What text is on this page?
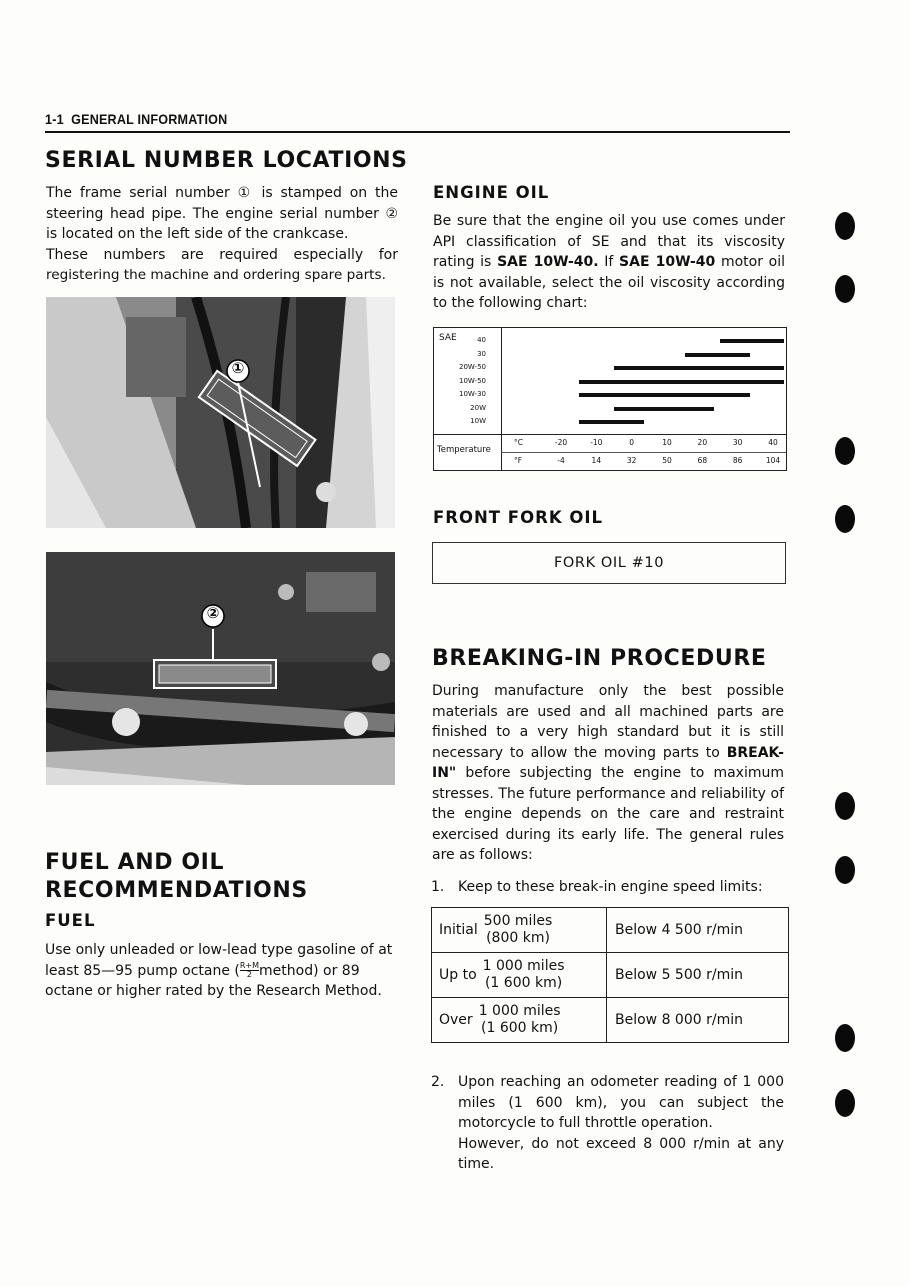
1-1 GENERAL INFORMATION
SERIAL NUMBER LOCATIONS
The frame serial number ① is stamped on the
steering head pipe. The engine serial number ②
is located on the left side of the crankcase.
These numbers are required especially for
registering the machine and ordering spare parts.
①
②
FUEL AND OIL
RECOMMENDATIONS
FUEL
Use only unleaded or low-lead type gasoline of at
least 85—95 pump octane ( $\frac{R+M}{2}$ method) or 89
octane or higher rated by the Research Method.
ENGINE OIL

Be sure that the engine oil you use comes under API classification of SE and that its viscosity rating is SAE 10W-40. If SAE 10W-40 motor oil is not available, select the oil viscosity according to the following chart:

SAE
Temperature
°C
°F
40
30
20W-50
10W-50
10W-30
20W
10W
-20
-4
-10
14
0
32
10
50
20
68
30
86
40
104
FRONT FORK OIL
FORK OIL #10
BREAKING-IN PROCEDURE

During manufacture only the best possible materials are used and all machined parts are finished to a very high standard but it is still necessary to allow the moving parts to BREAK-IN" before subjecting the engine to maximum stresses. The future performance and reliability of the engine depends on the care and restraint exercised during its early life. The general rules are as follows:

1. Keep to these break-in engine speed limits:
Initial
500 miles
(800 km)	Below 4 500 r/min

Up to
1 000 miles
(1 600 km)	Below 5 500 r/min

Over
1 000 miles
(1 600 km)	Below 8 000 r/min
2. Upon reaching an odometer reading of 1 000 miles (1 600 km), you can subject the motorcycle to full throttle operation.
However, do not exceed 8 000 r/min at any time.
